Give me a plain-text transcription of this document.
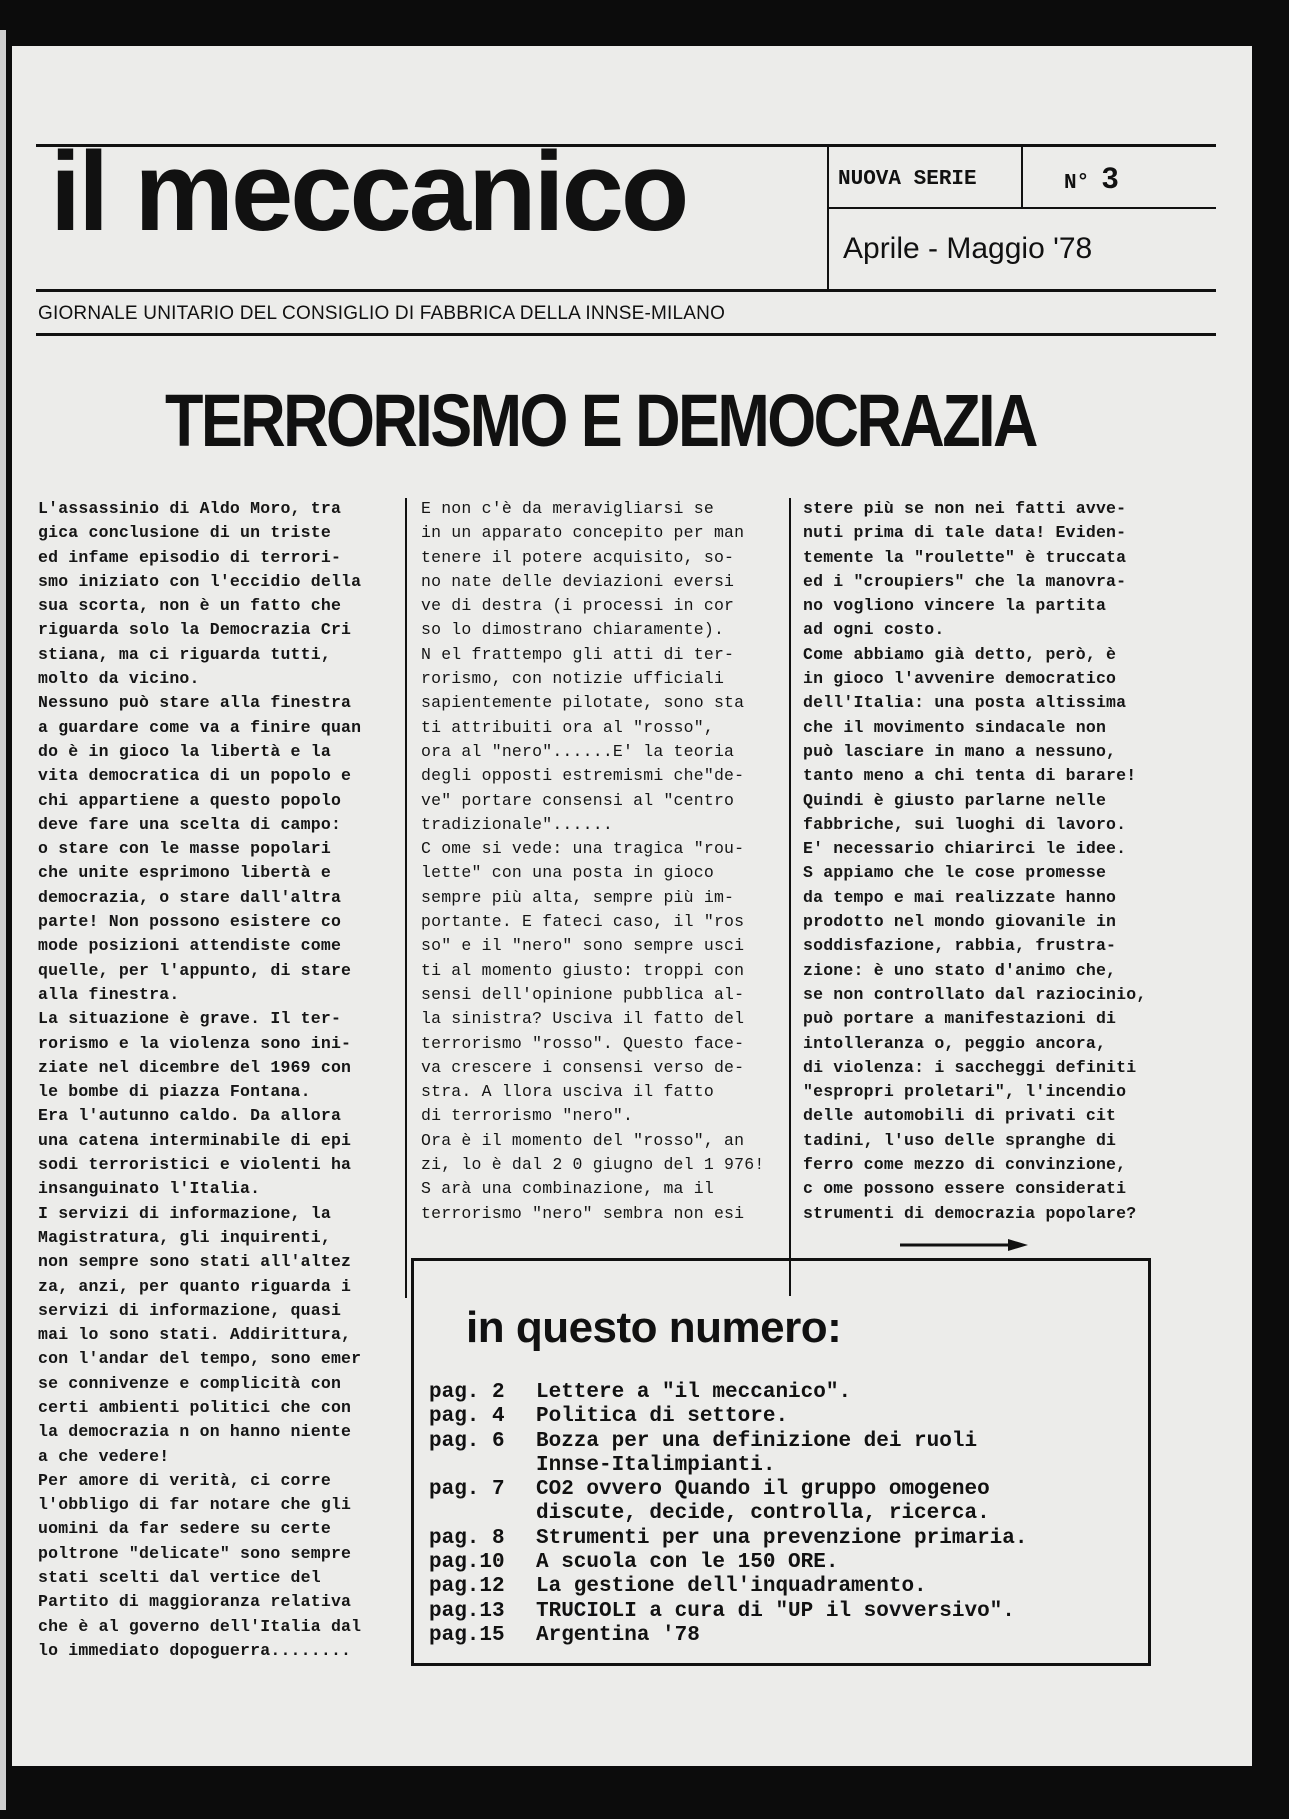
il meccanico	NUOVA SERIE	N° 3
Aprile - Maggio '78
GIORNALE UNITARIO DEL CONSIGLIO DI FABBRICA DELLA INNSE-MILANO
TERRORISMO E DEMOCRAZIA

L'assassinio di Aldo Moro, tra
gica conclusione di un triste
ed infame episodio di terrori-
smo iniziato con l'eccidio della
sua scorta, non è un fatto che
riguarda solo la Democrazia Cri
stiana, ma ci riguarda tutti,
molto da vicino.
Nessuno può stare alla finestra
a guardare come va a finire quan
do è in gioco la libertà e la
vita democratica di un popolo e
chi appartiene a questo popolo
deve fare una scelta di campo:
o stare con le masse popolari
che unite esprimono libertà e
democrazia, o stare dall'altra
parte! Non possono esistere co
mode posizioni attendiste come
quelle, per l'appunto, di stare
alla finestra.
La situazione è grave. Il ter-
rorismo e la violenza sono ini-
ziate nel dicembre del 1969 con
le bombe di piazza Fontana.
Era l'autunno caldo. Da allora
una catena interminabile di epi
sodi terroristici e violenti ha
insanguinato l'Italia.
I servizi di informazione, la
Magistratura, gli inquirenti,
non sempre sono stati all'altez
za, anzi, per quanto riguarda i
servizi di informazione, quasi
mai lo sono stati. Addirittura,
con l'andar del tempo, sono emer
se connivenze e complicità con
certi ambienti politici che con
la democrazia n on hanno niente
a che vedere!
Per amore di verità, ci corre
l'obbligo di far notare che gli
uomini da far sedere su certe
poltrone "delicate" sono sempre
stati scelti dal vertice del
Partito di maggioranza relativa
che è al governo dell'Italia dal
lo immediato dopoguerra........

E non c'è da meravigliarsi se
in un apparato concepito per man
tenere il potere acquisito, so-
no nate delle deviazioni eversi
ve di destra (i processi in cor
so lo dimostrano chiaramente).
N el frattempo gli atti di ter-
rorismo, con notizie ufficiali
sapientemente pilotate, sono sta
ti attribuiti ora al "rosso",
ora al "nero"......E' la teoria
degli opposti estremismi che"de-
ve" portare consensi al "centro
tradizionale"......
C ome si vede: una tragica "rou-
lette" con una posta in gioco
sempre più alta, sempre più im-
portante. E fateci caso, il "ros
so" e il "nero" sono sempre usci
ti al momento giusto: troppi con
sensi dell'opinione pubblica al-
la sinistra? Usciva il fatto del
terrorismo "rosso". Questo face-
va crescere i consensi verso de-
stra. A llora usciva il fatto
di terrorismo "nero".
Ora è il momento del "rosso", an
zi, lo è dal 2 0 giugno del 1 976!
S arà una combinazione, ma il
terrorismo "nero" sembra non esi

stere più se non nei fatti avve-
nuti prima di tale data! Eviden-
temente la "roulette" è truccata
ed i "croupiers" che la manovra-
no vogliono vincere la partita
ad ogni costo.
Come abbiamo già detto, però, è
in gioco l'avvenire democratico
dell'Italia: una posta altissima
che il movimento sindacale non
può lasciare in mano a nessuno,
tanto meno a chi tenta di barare!
Quindi è giusto parlarne nelle
fabbriche, sui luoghi di lavoro.
E' necessario chiarirci le idee.
S appiamo che le cose promesse
da tempo e mai realizzate hanno
prodotto nel mondo giovanile in
soddisfazione, rabbia, frustra-
zione: è uno stato d'animo che,
se non controllato dal raziocinio,
può portare a manifestazioni di
intolleranza o, peggio ancora,
di violenza: i saccheggi definiti
"espropri proletari", l'incendio
delle automobili di privati cit
tadini, l'uso delle spranghe di
ferro come mezzo di convinzione,
c ome possono essere considerati
strumenti di democrazia popolare?

in questo numero:
pag. 2	Lettere a "il meccanico".
pag. 4	Politica di settore.
pag. 6	Bozza per una definizione dei ruoli
Innse-Italimpianti.
pag. 7	CO2 ovvero Quando il gruppo omogeneo
discute, decide, controlla, ricerca.
pag. 8	Strumenti per una prevenzione primaria.
pag.10	A scuola con le 150 ORE.
pag.12	La gestione dell'inquadramento.
pag.13	TRUCIOLI a cura di "UP il sovversivo".
pag.15	Argentina '78
